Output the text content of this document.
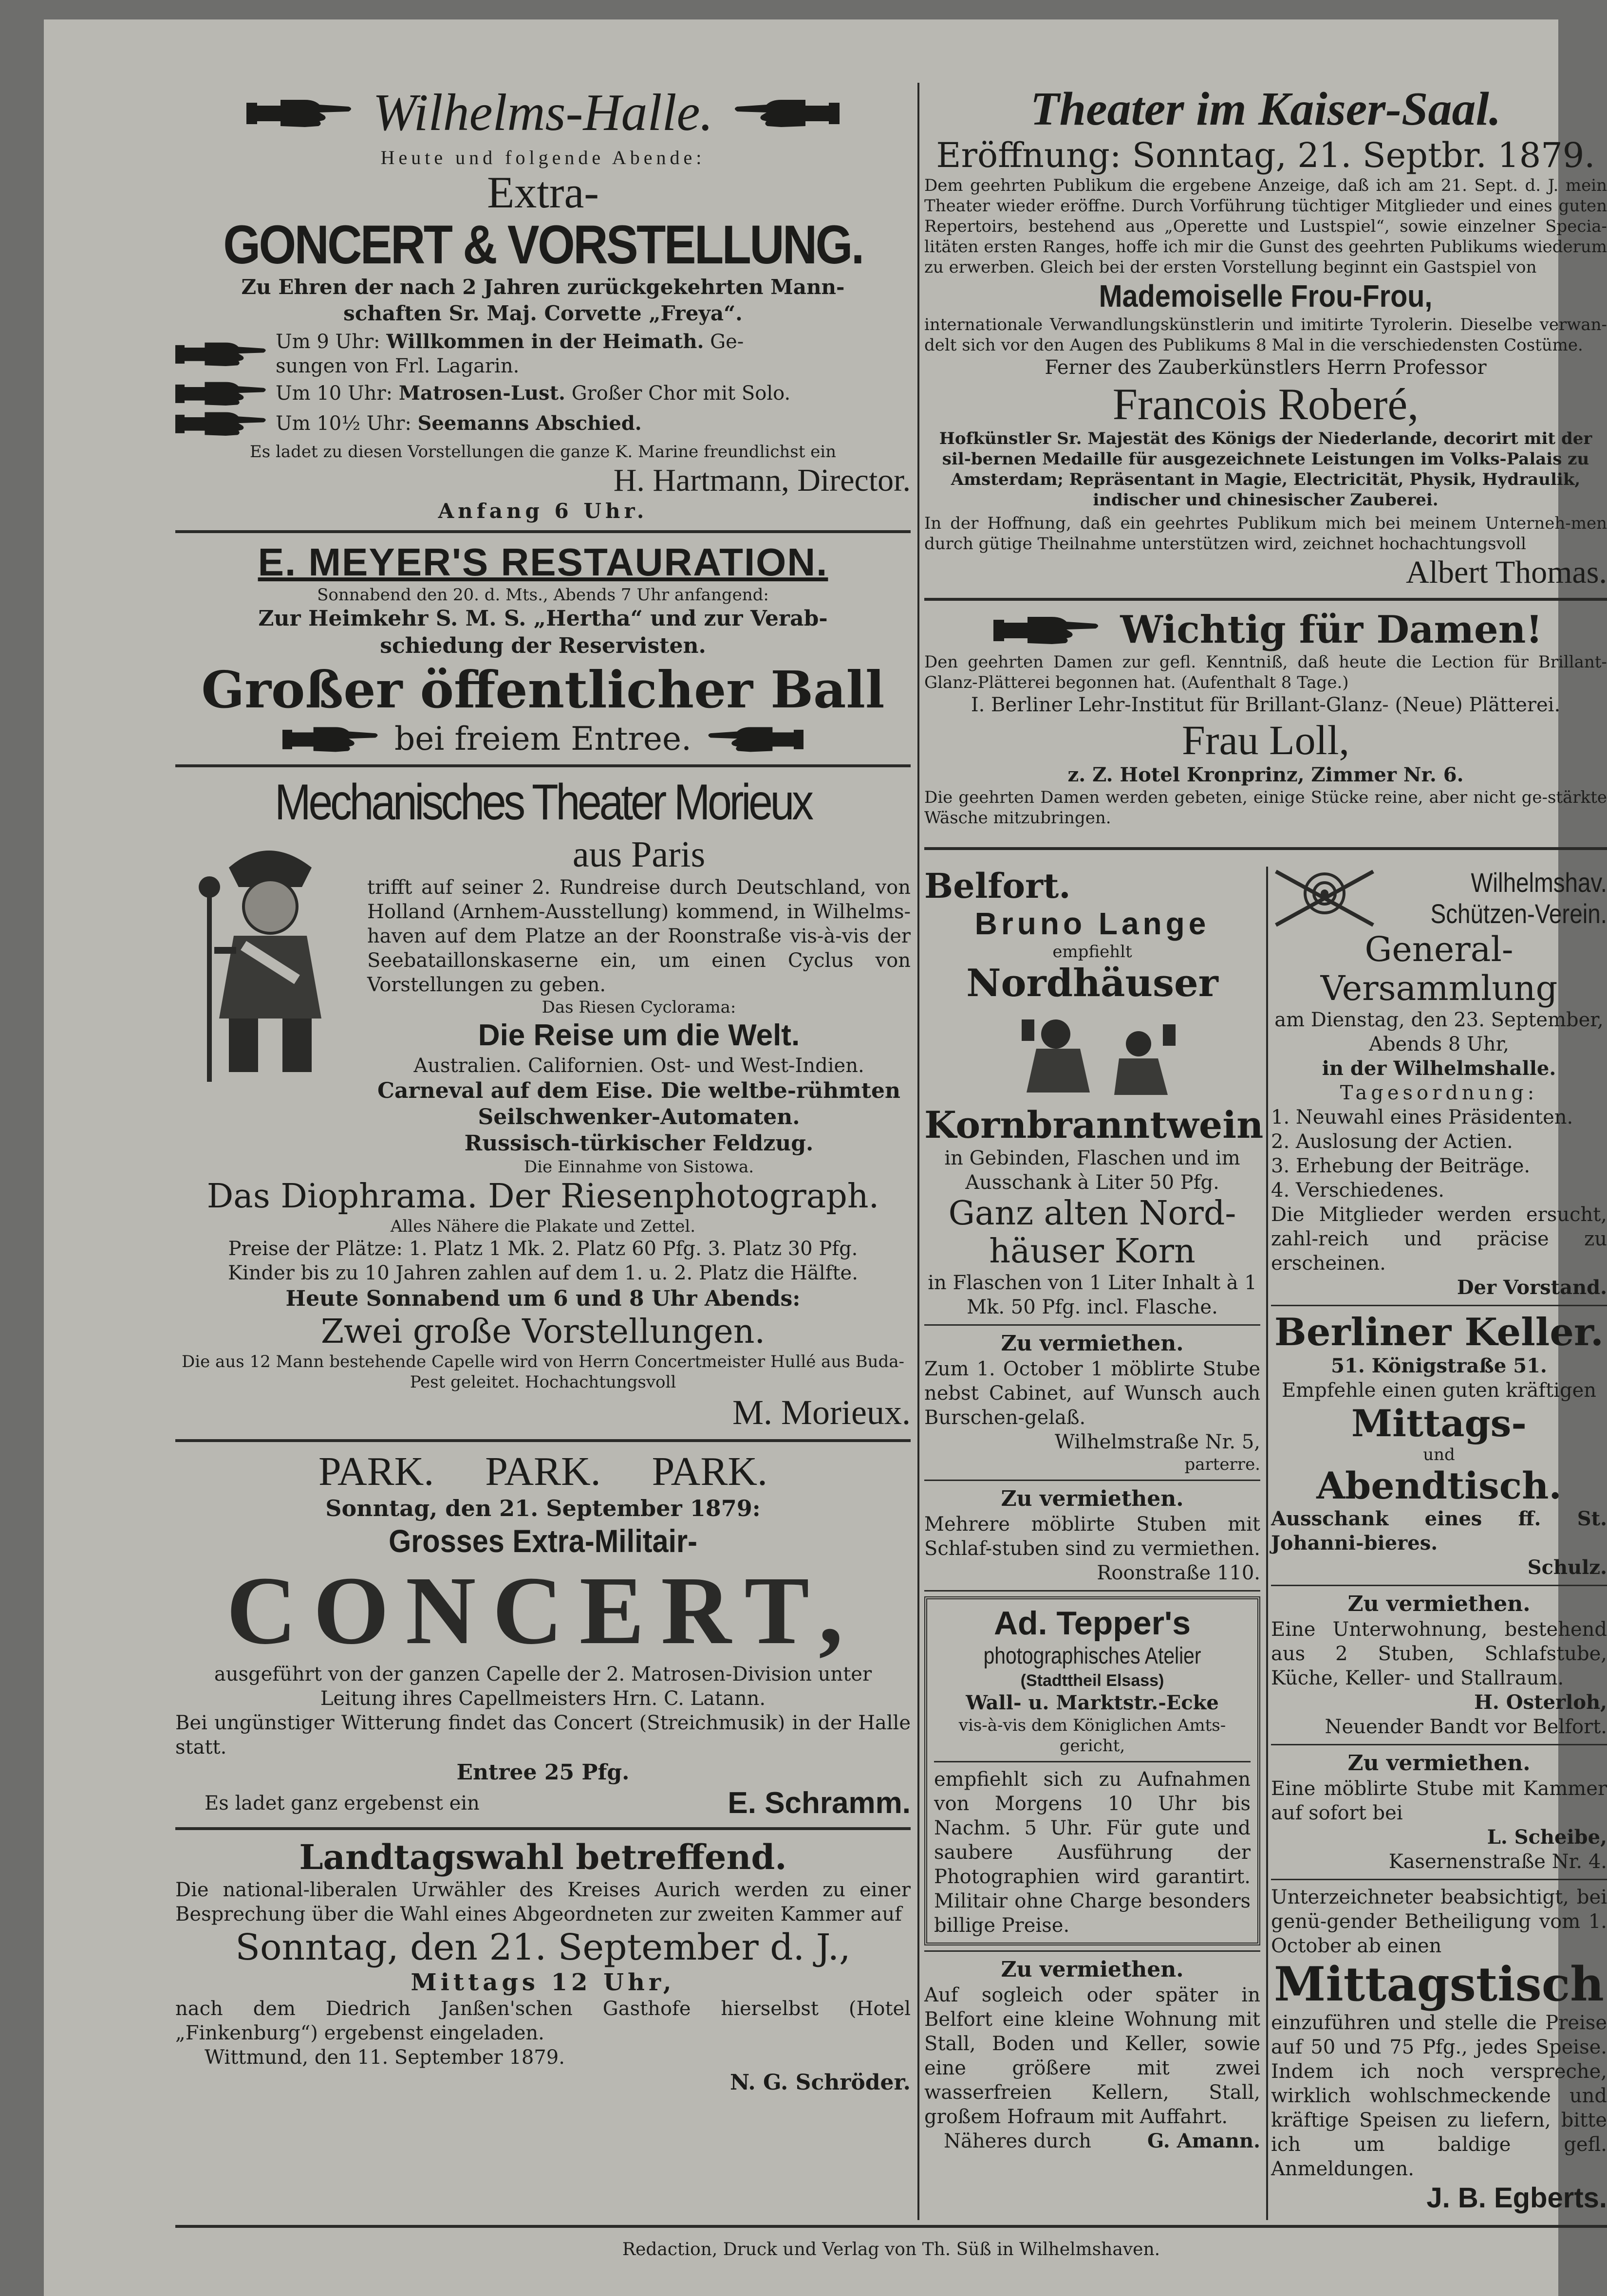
Wilhelms-Halle.

Heute und folgende Abende:

Extra-

GONCERT & VORSTELLUNG.

Zu Ehren der nach 2 Jahren zurückgekehrten Mann-

schaften Sr. Maj. Corvette „Freya“.

Um 9 Uhr: Willkommen in der Heimath. Ge-
sungen von Frl. Lagarin.

Um 10 Uhr: Matrosen-Lust. Großer Chor mit Solo.

Um 10½ Uhr: Seemanns Abschied.

Es ladet zu diesen Vorstellungen die ganze K. Marine freundlichst ein

H. Hartmann, Director.

Anfang 6 Uhr.

E. MEYER'S RESTAURATION.

Sonnabend den 20. d. Mts., Abends 7 Uhr anfangend:

Zur Heimkehr S. M. S. „Hertha“ und zur Verab-

schiedung der Reservisten.

Großer öffentlicher Ball

bei freiem Entree.

Mechanisches Theater Morieux

aus Paris

trifft auf seiner 2. Rundreise durch Deutschland, von Holland (Arnhem-Ausstellung) kommend, in Wilhelms-haven auf dem Platze an der Roonstraße vis-à-vis der Seebataillonskaserne ein, um einen Cyclus von Vorstellungen zu geben.

Das Riesen Cyclorama:

Die Reise um die Welt.

Australien. Californien. Ost- und West-Indien.

Carneval auf dem Eise. Die weltbe-rühmten Seilschwenker-Automaten.

Russisch-türkischer Feldzug.

Die Einnahme von Sistowa.

Das Diophrama. Der Riesenphotograph.

Alles Nähere die Plakate und Zettel.

Preise der Plätze: 1. Platz 1 Mk. 2. Platz 60 Pfg. 3. Platz 30 Pfg.

Kinder bis zu 10 Jahren zahlen auf dem 1. u. 2. Platz die Hälfte.

Heute Sonnabend um 6 und 8 Uhr Abends:

Zwei große Vorstellungen.

Die aus 12 Mann bestehende Capelle wird von Herrn Concertmeister Hullé aus Buda-Pest geleitet. Hochachtungsvoll

M. Morieux.

PARK.     PARK.     PARK.

Sonntag, den 21. September 1879:

Grosses Extra-Militair-

CONCERT,

ausgeführt von der ganzen Capelle der 2. Matrosen-Division unter Leitung ihres Capellmeisters Hrn. C. Latann.

Bei ungünstiger Witterung findet das Concert (Streichmusik) in der Halle statt.

Entree 25 Pfg.

Es ladet ganz ergebenst ein	E. Schramm.

Landtagswahl betreffend.

Die national-liberalen Urwähler des Kreises Aurich werden zu einer Besprechung über die Wahl eines Abgeordneten zur zweiten Kammer auf

Sonntag, den 21. September d. J.,

Mittags 12 Uhr,

nach dem Diedrich Janßen'schen Gasthofe hierselbst (Hotel „Finkenburg“) ergebenst eingeladen.

Wittmund, den 11. September 1879.

N. G. Schröder.

Theater im Kaiser-Saal.

Eröffnung: Sonntag, 21. Septbr. 1879.

Dem geehrten Publikum die ergebene Anzeige, daß ich am 21. Sept. d. J. mein Theater wieder eröffne. Durch Vorführung tüchtiger Mitglieder und eines guten Repertoirs, bestehend aus „Operette und Lustspiel“, sowie einzelner Specia-litäten ersten Ranges, hoffe ich mir die Gunst des geehrten Publikums wiederum zu erwerben. Gleich bei der ersten Vorstellung beginnt ein Gastspiel von

Mademoiselle Frou-Frou,

internationale Verwandlungskünstlerin und imitirte Tyrolerin. Dieselbe verwan-delt sich vor den Augen des Publikums 8 Mal in die verschiedensten Costüme.

Ferner des Zauberkünstlers Herrn Professor

Francois Roberé,

Hofkünstler Sr. Majestät des Königs der Niederlande, decorirt mit der sil-bernen Medaille für ausgezeichnete Leistungen im Volks-Palais zu Amsterdam; Repräsentant in Magie, Electricität, Physik, Hydraulik, indischer und chinesischer Zauberei.

In der Hoffnung, daß ein geehrtes Publikum mich bei meinem Unterneh-men durch gütige Theilnahme unterstützen wird, zeichnet hochachtungsvoll

Albert Thomas.

Wichtig für Damen!

Den geehrten Damen zur gefl. Kenntniß, daß heute die Lection für Brillant-Glanz-Plätterei begonnen hat. (Aufenthalt 8 Tage.)

I. Berliner Lehr-Institut für Brillant-Glanz- (Neue) Plätterei.

Frau Loll,

z. Z. Hotel Kronprinz, Zimmer Nr. 6.

Die geehrten Damen werden gebeten, einige Stücke reine, aber nicht ge-stärkte Wäsche mitzubringen.

Belfort.

Bruno Lange

empfiehlt

Nordhäuser

Kornbranntwein

in Gebinden, Flaschen und im Ausschank à Liter 50 Pfg.

Ganz alten Nord-

häuser Korn

in Flaschen von 1 Liter Inhalt à 1 Mk. 50 Pfg. incl. Flasche.

Zu vermiethen.

Zum 1. October 1 möblirte Stube nebst Cabinet, auf Wunsch auch Burschen-gelaß.

Wilhelmstraße Nr. 5,

parterre.

Zu vermiethen.

Mehrere möblirte Stuben mit Schlaf-stuben sind zu vermiethen.

Roonstraße 110.

Ad. Tepper's

photographisches Atelier

(Stadttheil Elsass)

Wall- u. Marktstr.-Ecke

vis-à-vis dem Königlichen Amts-gericht,

empfiehlt sich zu Aufnahmen von Morgens 10 Uhr bis Nachm. 5 Uhr. Für gute und saubere Ausführung der Photographien wird garantirt. Militair ohne Charge besonders billige Preise.

Zu vermiethen.

Auf sogleich oder später in Belfort eine kleine Wohnung mit Stall, Boden und Keller, sowie eine größere mit zwei wasserfreien Kellern, Stall, großem Hofraum mit Auffahrt.

Näheres durch	G. Amann.

Wilhelmshav.

Schützen-Verein.

General-

Versammlung

am Dienstag, den 23. September, Abends 8 Uhr,

in der Wilhelmshalle.

Tagesordnung:

1. Neuwahl eines Präsidenten.

2. Auslosung der Actien.

3. Erhebung der Beiträge.

4. Verschiedenes.

Die Mitglieder werden ersucht, zahl-reich und präcise zu erscheinen.

Der Vorstand.

Berliner Keller.

51. Königstraße 51.

Empfehle einen guten kräftigen

Mittags-

und

Abendtisch.

Ausschank eines ff. St. Johanni-bieres.

Schulz.

Zu vermiethen.

Eine Unterwohnung, bestehend aus 2 Stuben, Schlafstube, Küche, Keller- und Stallraum.

H. Osterloh,

Neuender Bandt vor Belfort.

Zu vermiethen.

Eine möblirte Stube mit Kammer auf sofort bei

L. Scheibe,

Kasernenstraße Nr. 4.

Unterzeichneter beabsichtigt, bei genü-gender Betheiligung vom 1. October ab einen

Mittagstisch

einzuführen und stelle die Preise auf 50 und 75 Pfg., jedes Speise. Indem ich noch verspreche, wirklich wohlschmeckende und kräftige Speisen zu liefern, bitte ich um baldige gefl. Anmeldungen.

J. B. Egberts.

Redaction, Druck und Verlag von Th. Süß in Wilhelmshaven.
